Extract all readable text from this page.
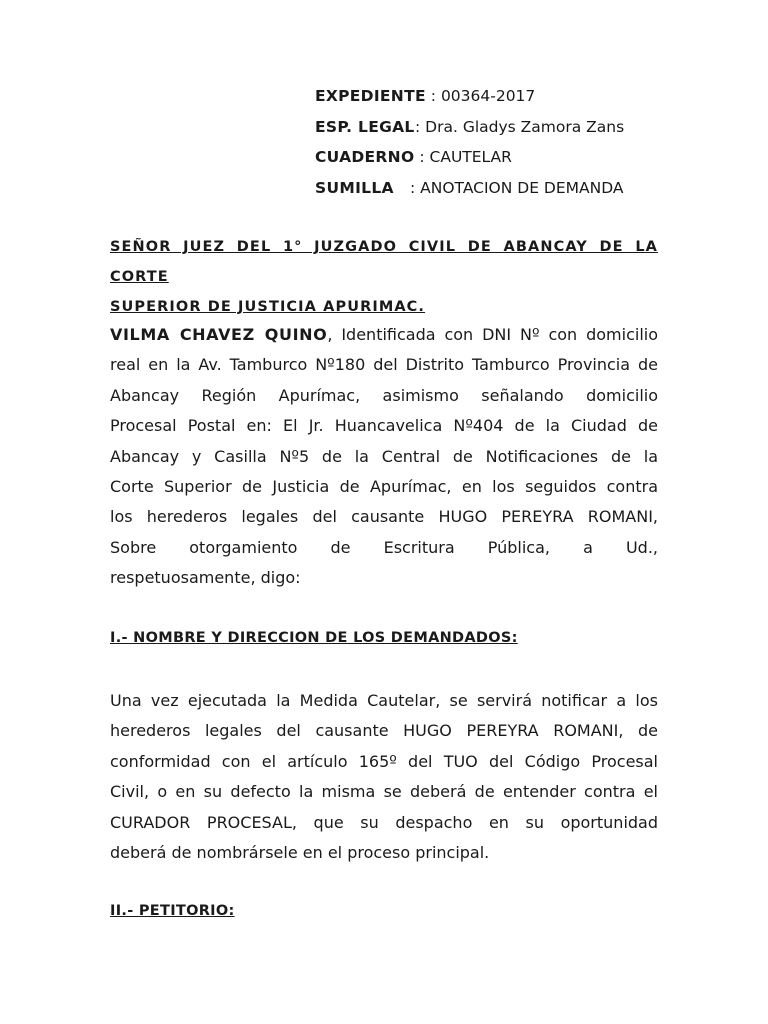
EXPEDIENTE : 00364-2017
ESP. LEGAL: Dra. Gladys Zamora Zans
CUADERNO : CAUTELAR
SUMILLA : ANOTACION DE DEMANDA
SEÑOR JUEZ DEL 1° JUZGADO CIVIL DE ABANCAY DE LA CORTE
SUPERIOR DE JUSTICIA APURIMAC.
VILMA CHAVEZ QUINO, Identificada con DNI Nº con domicilio
real en la Av. Tamburco Nº180 del Distrito Tamburco Provincia de
Abancay Región Apurímac, asimismo señalando domicilio
Procesal Postal en: El Jr. Huancavelica Nº404 de la Ciudad de
Abancay y Casilla Nº5 de la Central de Notificaciones de la
Corte Superior de Justicia de Apurímac, en los seguidos contra
los herederos legales del causante HUGO PEREYRA ROMANI,
Sobre otorgamiento de Escritura Pública, a Ud.,
respetuosamente, digo:
I.- NOMBRE Y DIRECCION DE LOS DEMANDADOS:
Una vez ejecutada la Medida Cautelar, se servirá notificar a los
herederos legales del causante HUGO PEREYRA ROMANI, de
conformidad con el artículo 165º del TUO del Código Procesal
Civil, o en su defecto la misma se deberá de entender contra el
CURADOR PROCESAL, que su despacho en su oportunidad
deberá de nombrársele en el proceso principal.
II.- PETITORIO:
